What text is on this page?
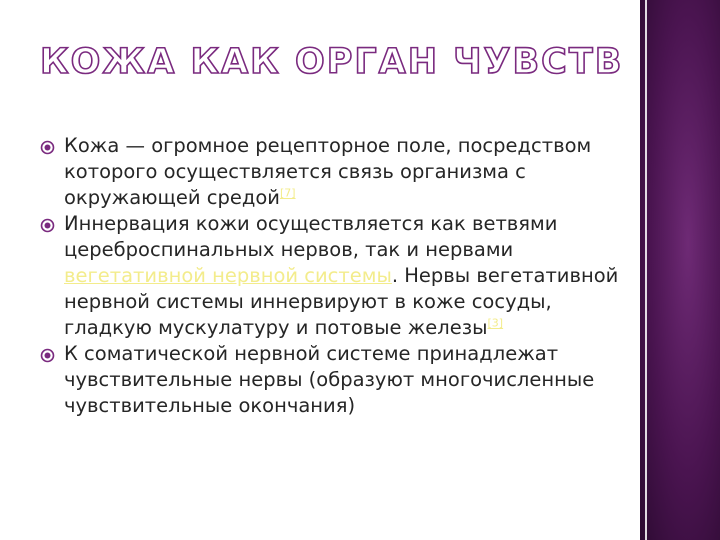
КОЖА КАК ОРГАН ЧУВСТВ
Кожа — огромное рецепторное поле, посредством которого осуществляется связь организма с окружающей средой[7]
Иннервация кожи осуществляется как ветвями цереброспинальных нервов, так и нервами вегетативной нервной системы. Нервы вегетативной нервной системы иннервируют в коже сосуды, гладкую мускулатуру и потовые железы[3]
К соматической нервной системе принадлежат чувствительные нервы (образуют многочисленные чувствительные окончания)
